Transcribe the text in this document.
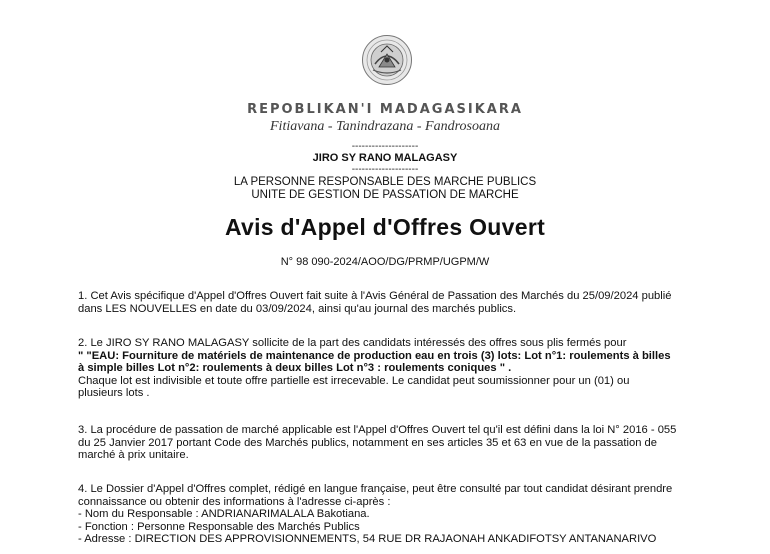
REPOBLIKAN'I MADAGASIKARA
Fitiavana - Tanindrazana - Fandrosoana
--------------------
JIRO SY RANO MALAGASY
--------------------
LA PERSONNE RESPONSABLE DES MARCHE PUBLICS
UNITE DE GESTION DE PASSATION DE MARCHE
Avis d'Appel d'Offres Ouvert
N° 98 090-2024/AOO/DG/PRMP/UGPM/W
1. Cet Avis spécifique d'Appel d'Offres Ouvert fait suite à l'Avis Général de Passation des Marchés du 25/09/2024 publié
dans LES NOUVELLES en date du 03/09/2024, ainsi qu'au journal des marchés publics.
2. Le JIRO SY RANO MALAGASY sollicite de la part des candidats intéressés des offres sous plis fermés pour
" "EAU: Fourniture de matériels de maintenance de production eau en trois (3) lots: Lot n°1: roulements à billes
à simple billes Lot n°2: roulements à deux billes Lot n°3 : roulements coniques " .
Chaque lot est indivisible et toute offre partielle est irrecevable. Le candidat peut soumissionner pour un (01) ou
plusieurs lots .
3. La procédure de passation de marché applicable est l'Appel d'Offres Ouvert tel qu'il est défini dans la loi N° 2016 - 055
du 25 Janvier 2017 portant Code des Marchés publics, notamment en ses articles 35 et 63 en vue de la passation de
marché à prix unitaire.
4. Le Dossier d'Appel d'Offres complet, rédigé en langue française, peut être consulté par tout candidat désirant prendre
connaissance ou obtenir des informations à l'adresse ci-après :
- Nom du Responsable : ANDRIANARIMALALA Bakotiana.
- Fonction : Personne Responsable des Marchés Publics
- Adresse : DIRECTION DES APPROVISIONNEMENTS, 54 RUE DR RAJAONAH ANKADIFOTSY ANTANANARIVO
